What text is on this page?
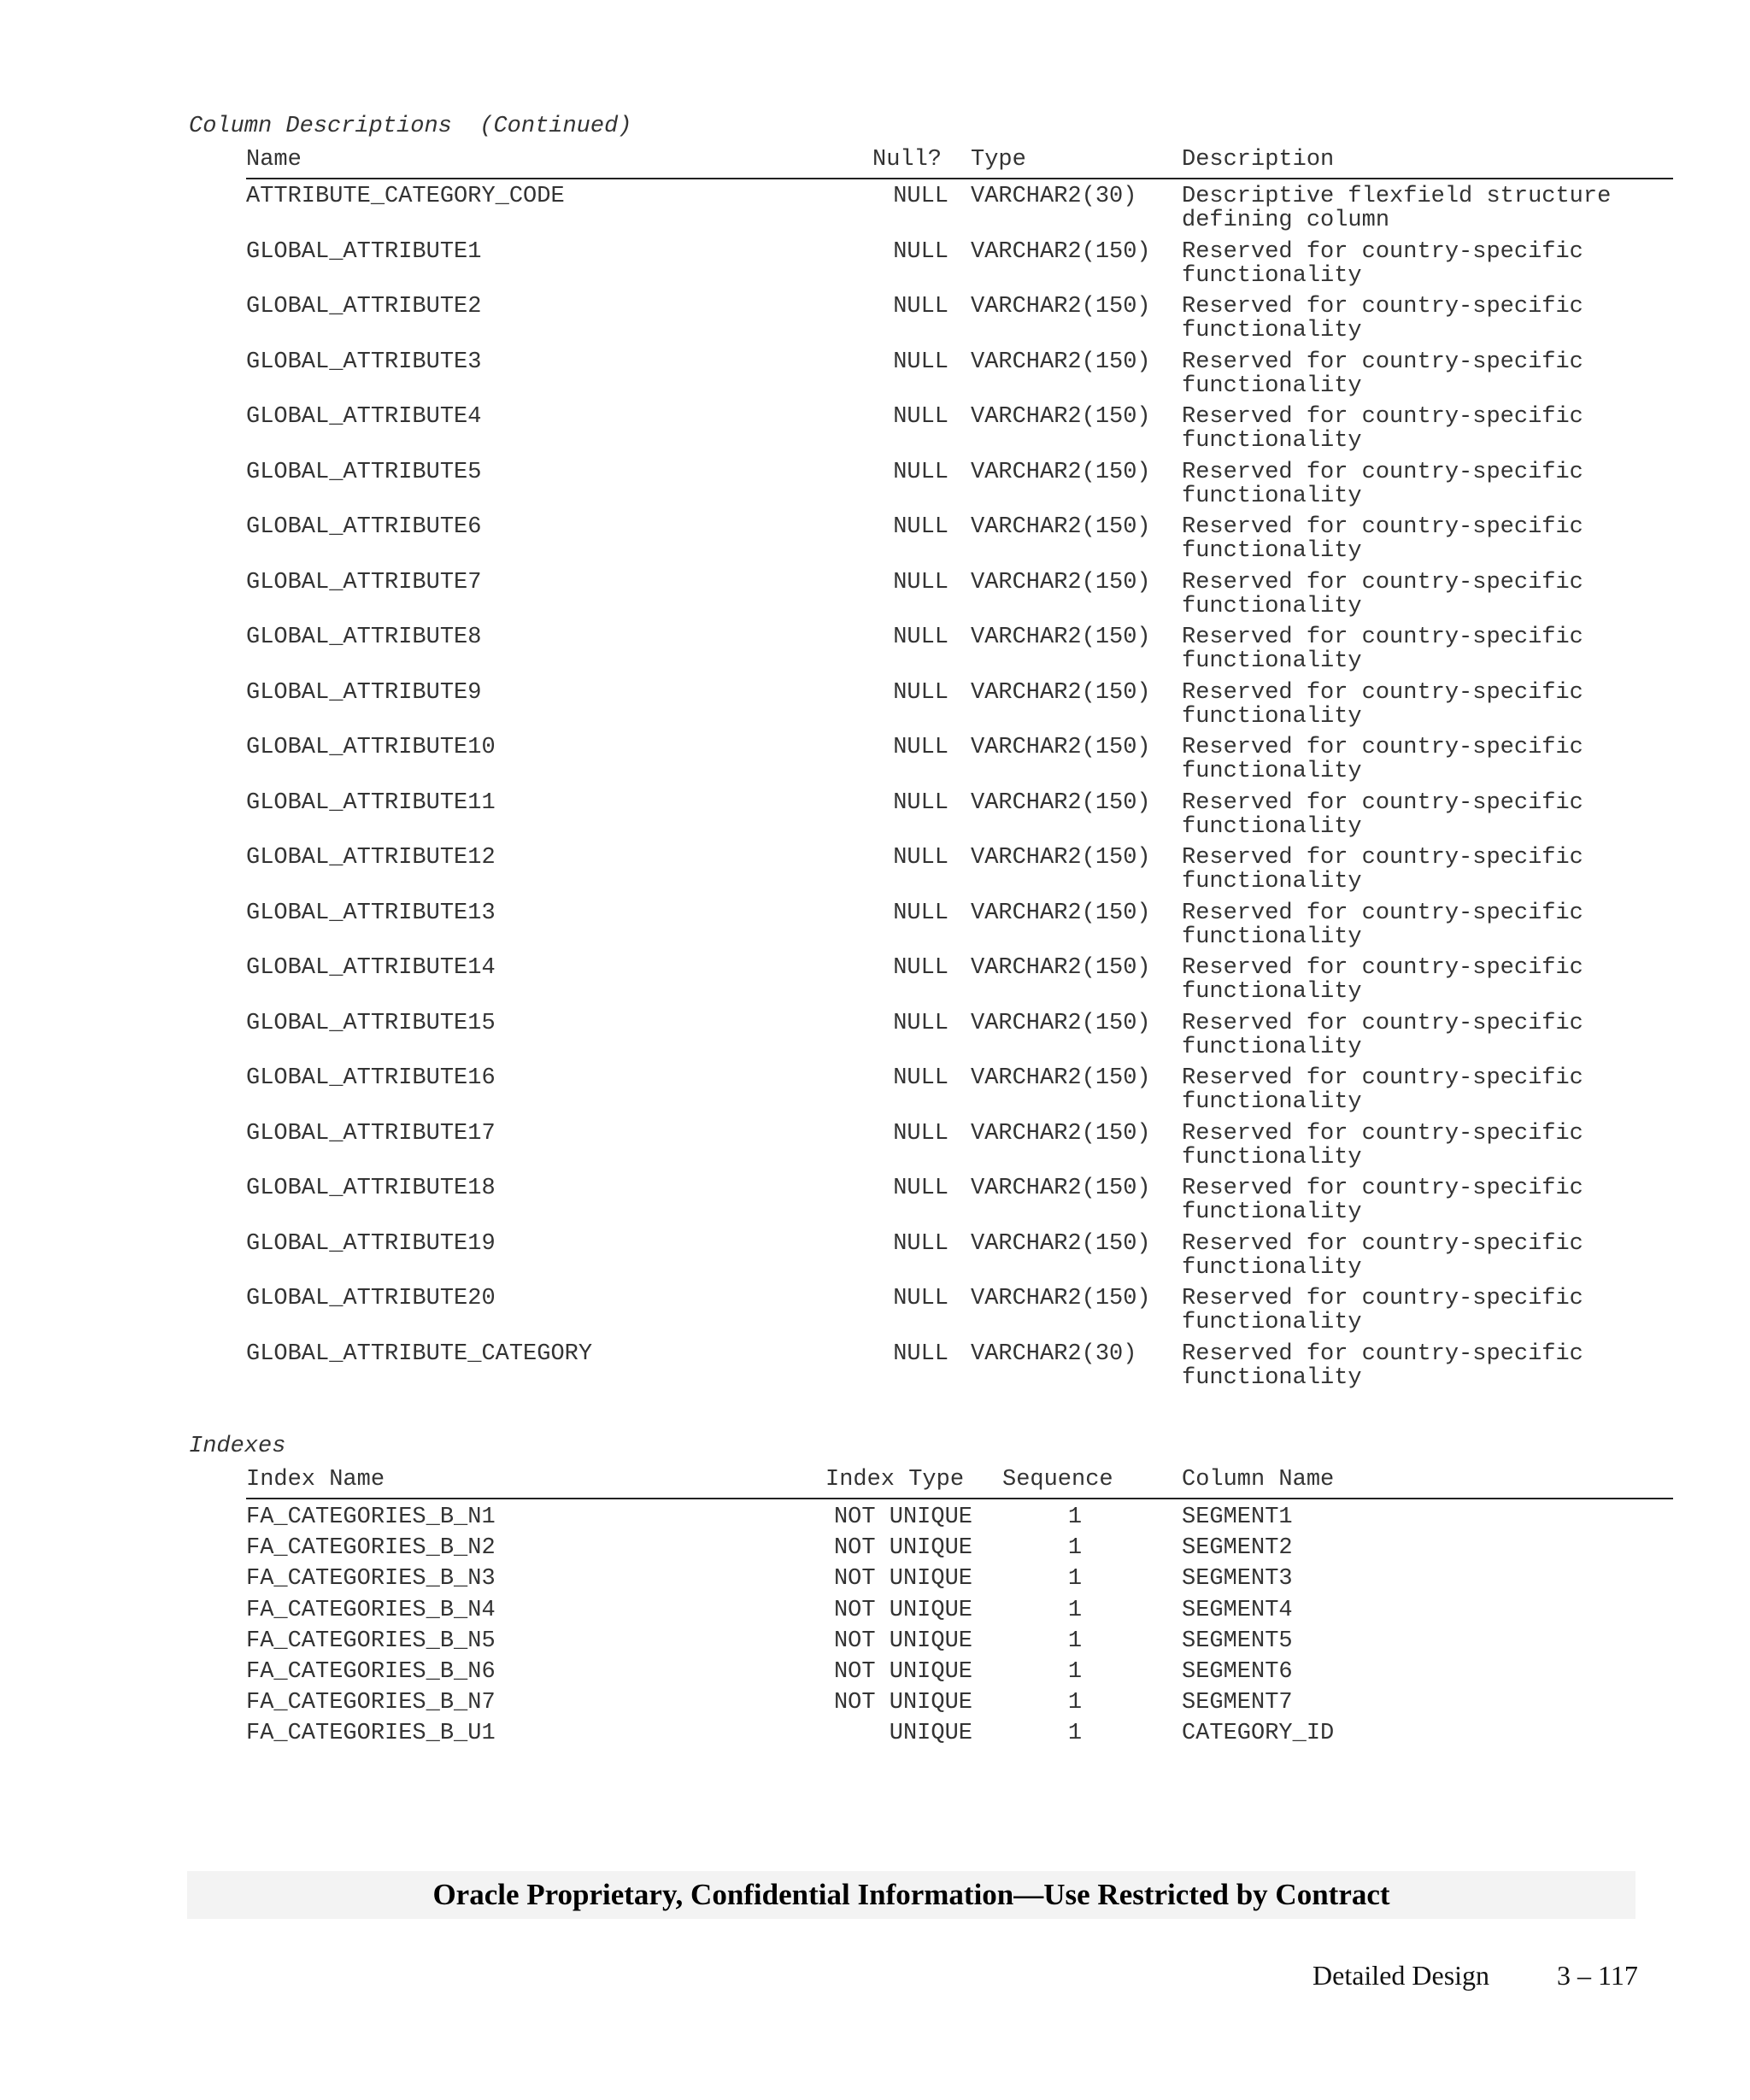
Column Descriptions  (Continued)
Name	Null? Type	Description
ATTRIBUTE_CATEGORY_CODE	NULL VARCHAR2(30) Descriptive flexfield structure
defining column
GLOBAL_ATTRIBUTE1	NULL VARCHAR2(150) Reserved for country-specific
functionality
GLOBAL_ATTRIBUTE2	NULL VARCHAR2(150) Reserved for country-specific
functionality
GLOBAL_ATTRIBUTE3	NULL VARCHAR2(150) Reserved for country-specific
functionality
GLOBAL_ATTRIBUTE4	NULL VARCHAR2(150) Reserved for country-specific
functionality
GLOBAL_ATTRIBUTE5	NULL VARCHAR2(150) Reserved for country-specific
functionality
GLOBAL_ATTRIBUTE6	NULL VARCHAR2(150) Reserved for country-specific
functionality
GLOBAL_ATTRIBUTE7	NULL VARCHAR2(150) Reserved for country-specific
functionality
GLOBAL_ATTRIBUTE8	NULL VARCHAR2(150) Reserved for country-specific
functionality
GLOBAL_ATTRIBUTE9	NULL VARCHAR2(150) Reserved for country-specific
functionality
GLOBAL_ATTRIBUTE10	NULL VARCHAR2(150) Reserved for country-specific
functionality
GLOBAL_ATTRIBUTE11	NULL VARCHAR2(150) Reserved for country-specific
functionality
GLOBAL_ATTRIBUTE12	NULL VARCHAR2(150) Reserved for country-specific
functionality
GLOBAL_ATTRIBUTE13	NULL VARCHAR2(150) Reserved for country-specific
functionality
GLOBAL_ATTRIBUTE14	NULL VARCHAR2(150) Reserved for country-specific
functionality
GLOBAL_ATTRIBUTE15	NULL VARCHAR2(150) Reserved for country-specific
functionality
GLOBAL_ATTRIBUTE16	NULL VARCHAR2(150) Reserved for country-specific
functionality
GLOBAL_ATTRIBUTE17	NULL VARCHAR2(150) Reserved for country-specific
functionality
GLOBAL_ATTRIBUTE18	NULL VARCHAR2(150) Reserved for country-specific
functionality
GLOBAL_ATTRIBUTE19	NULL VARCHAR2(150) Reserved for country-specific
functionality
GLOBAL_ATTRIBUTE20	NULL VARCHAR2(150) Reserved for country-specific
functionality
GLOBAL_ATTRIBUTE_CATEGORY	NULL VARCHAR2(30) Reserved for country-specific
functionality
Indexes
Index Name	Index Type Sequence	Column Name
FA_CATEGORIES_B_N1	NOT UNIQUE	1	SEGMENT1
FA_CATEGORIES_B_N2	NOT UNIQUE	1	SEGMENT2
FA_CATEGORIES_B_N3	NOT UNIQUE	1	SEGMENT3
FA_CATEGORIES_B_N4	NOT UNIQUE	1	SEGMENT4
FA_CATEGORIES_B_N5	NOT UNIQUE	1	SEGMENT5
FA_CATEGORIES_B_N6	NOT UNIQUE	1	SEGMENT6
FA_CATEGORIES_B_N7	NOT UNIQUE	1	SEGMENT7
FA_CATEGORIES_B_U1	UNIQUE	1	CATEGORY_ID
Oracle Proprietary, Confidential Information––Use Restricted by Contract
Detailed Design 3 – 117
